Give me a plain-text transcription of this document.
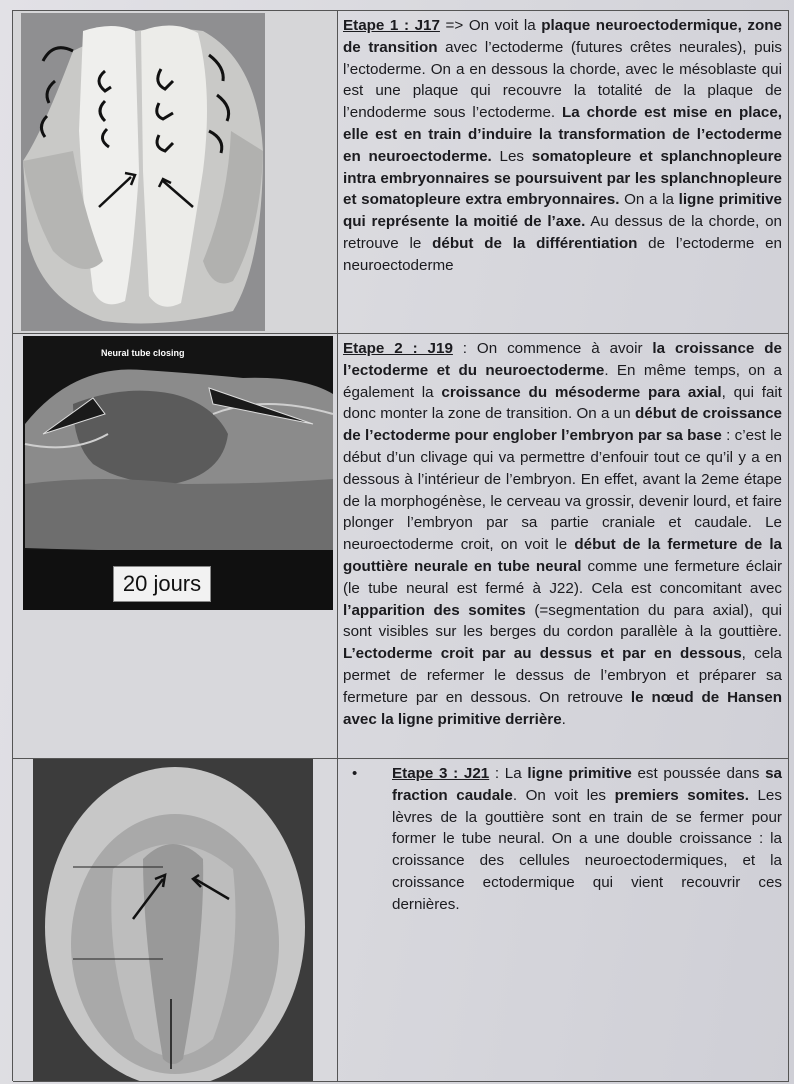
Etape 1 : J17 => On voit la plaque neuroectodermique, zone de transition avec l’ectoderme (futures crêtes neurales), puis l’ectoderme. On a en dessous la chorde, avec le mésoblaste qui est une plaque qui recouvre la totalité de la plaque de l’endoderme sous l’ectoderme. La chorde est mise en place, elle est en train d’induire la transformation de l’ectoderme en neuroectoderme. Les somatopleure et splanchnopleure intra embryonnaires se poursuivent par les splanchnopleure et somatopleure extra embryonnaires. On a la ligne primitive qui représente la moitié de l’axe. Au dessus de la chorde, on retrouve le début de la différentiation de l’ectoderme en neuroectoderme
Neural tube closing
20 jours
Etape 2 : J19 : On commence à avoir la croissance de l’ectoderme et du neuroectoderme. En même temps, on a également la croissance du mésoderme para axial, qui fait donc monter la zone de transition. On a un début de croissance de l’ectoderme pour englober l’embryon par sa base : c’est le début d’un clivage qui va permettre d’enfouir tout ce qu’il y a en dessous à l’intérieur de l’embryon. En effet, avant la 2eme étape de la morphogénèse, le cerveau va grossir, devenir lourd, et faire plonger l’embryon par sa partie craniale et caudale. Le neuroectoderme croit, on voit le début de la fermeture de la gouttière neurale en tube neural comme une fermeture éclair (le tube neural est fermé à J22). Cela est concomitant avec l’apparition des somites (=segmentation du para axial), qui sont visibles sur les berges du cordon parallèle à la gouttière. L’ectoderme croit par au dessus et par en dessous, cela permet de refermer le dessus de l’embryon et préparer sa fermeture par en dessous. On retrouve le nœud de Hansen avec la ligne primitive derrière.
• Etape 3 : J21 : La ligne primitive est poussée dans sa fraction caudale. On voit les premiers somites. Les lèvres de la gouttière sont en train de se fermer pour former le tube neural. On a une double croissance : la croissance des cellules neuroectodermiques, et la croissance ectodermique qui vient recouvrir ces dernières.
